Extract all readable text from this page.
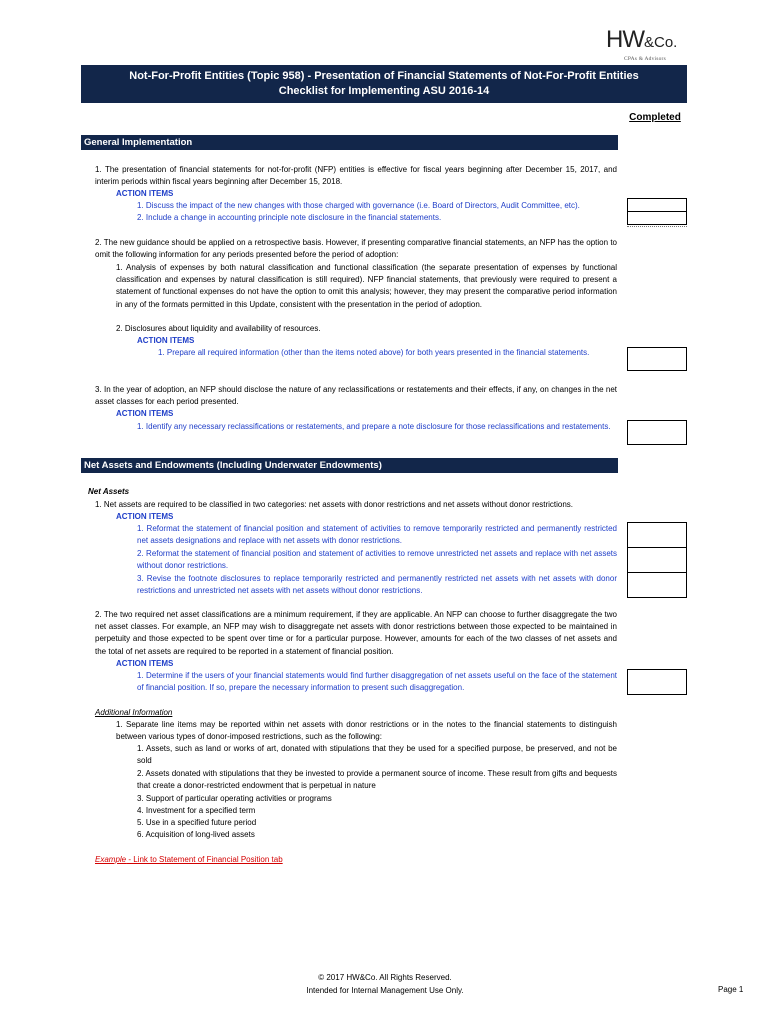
HW&Co.
CPAs & Advisors
Not-For-Profit Entities (Topic 958) - Presentation of Financial Statements of Not-For-Profit Entities
Checklist for Implementing ASU 2016-14
Completed
General Implementation
1. The presentation of financial statements for not-for-profit (NFP) entities is effective for fiscal years beginning after December 15, 2017, and interim periods within fiscal years beginning after December 15, 2018.
ACTION ITEMS
1. Discuss the impact of the new changes with those charged with governance (i.e. Board of Directors, Audit Committee, etc).
2. Include a change in accounting principle note disclosure in the financial statements.
2. The new guidance should be applied on a retrospective basis. However, if presenting comparative financial statements, an NFP has the option to omit the following information for any periods presented before the period of adoption:
1. Analysis of expenses by both natural classification and functional classification (the separate presentation of expenses by functional classification and expenses by natural classification is still required). NFP financial statements, that previously were required to present a statement of functional expenses do not have the option to omit this analysis; however, they may present the comparative period information in any of the formats permitted in this Update, consistent with the presentation in the period of adoption.
2. Disclosures about liquidity and availability of resources.
ACTION ITEMS
1. Prepare all required information (other than the items noted above) for both years presented in the financial statements.
3. In the year of adoption, an NFP should disclose the nature of any reclassifications or restatements and their effects, if any, on changes in the net asset classes for each period presented.
ACTION ITEMS
1. Identify any necessary reclassifications or restatements, and prepare a note disclosure for those reclassifications and restatements.
Net Assets and Endowments (Including Underwater Endowments)
Net Assets
1. Net assets are required to be classified in two categories: net assets with donor restrictions and net assets without donor restrictions.
ACTION ITEMS
1. Reformat the statement of financial position and statement of activities to remove temporarily restricted and permanently restricted net assets designations and replace with net assets with donor restrictions.
2. Reformat the statement of financial position and statement of activities to remove unrestricted net assets and replace with net assets without donor restrictions.
3. Revise the footnote disclosures to replace temporarily restricted and permanently restricted net assets with net assets with donor restrictions and unrestricted net assets with net assets without donor restrictions.
2. The two required net asset classifications are a minimum requirement, if they are applicable. An NFP can choose to further disaggregate the two net asset classes. For example, an NFP may wish to disaggregate net assets with donor restrictions between those expected to be maintained in perpetuity and those expected to be spent over time or for a particular purpose. However, amounts for each of the two classes of net assets and the total of net assets are required to be reported in a statement of financial position.
ACTION ITEMS
1. Determine if the users of your financial statements would find further disaggregation of net assets useful on the face of the statement of financial position. If so, prepare the necessary information to present such disaggregation.
Additional Information
1. Separate line items may be reported within net assets with donor restrictions or in the notes to the financial statements to distinguish between various types of donor-imposed restrictions, such as the following:
1. Assets, such as land or works of art, donated with stipulations that they be used for a specified purpose, be preserved, and not be sold
2. Assets donated with stipulations that they be invested to provide a permanent source of income. These result from gifts and bequests that create a donor-restricted endowment that is perpetual in nature
3. Support of particular operating activities or programs
4. Investment for a specified term
5. Use in a specified future period
6. Acquisition of long-lived assets
Example - Link to Statement of Financial Position tab
© 2017 HW&Co. All Rights Reserved.
Intended for Internal Management Use Only.	Page 1
